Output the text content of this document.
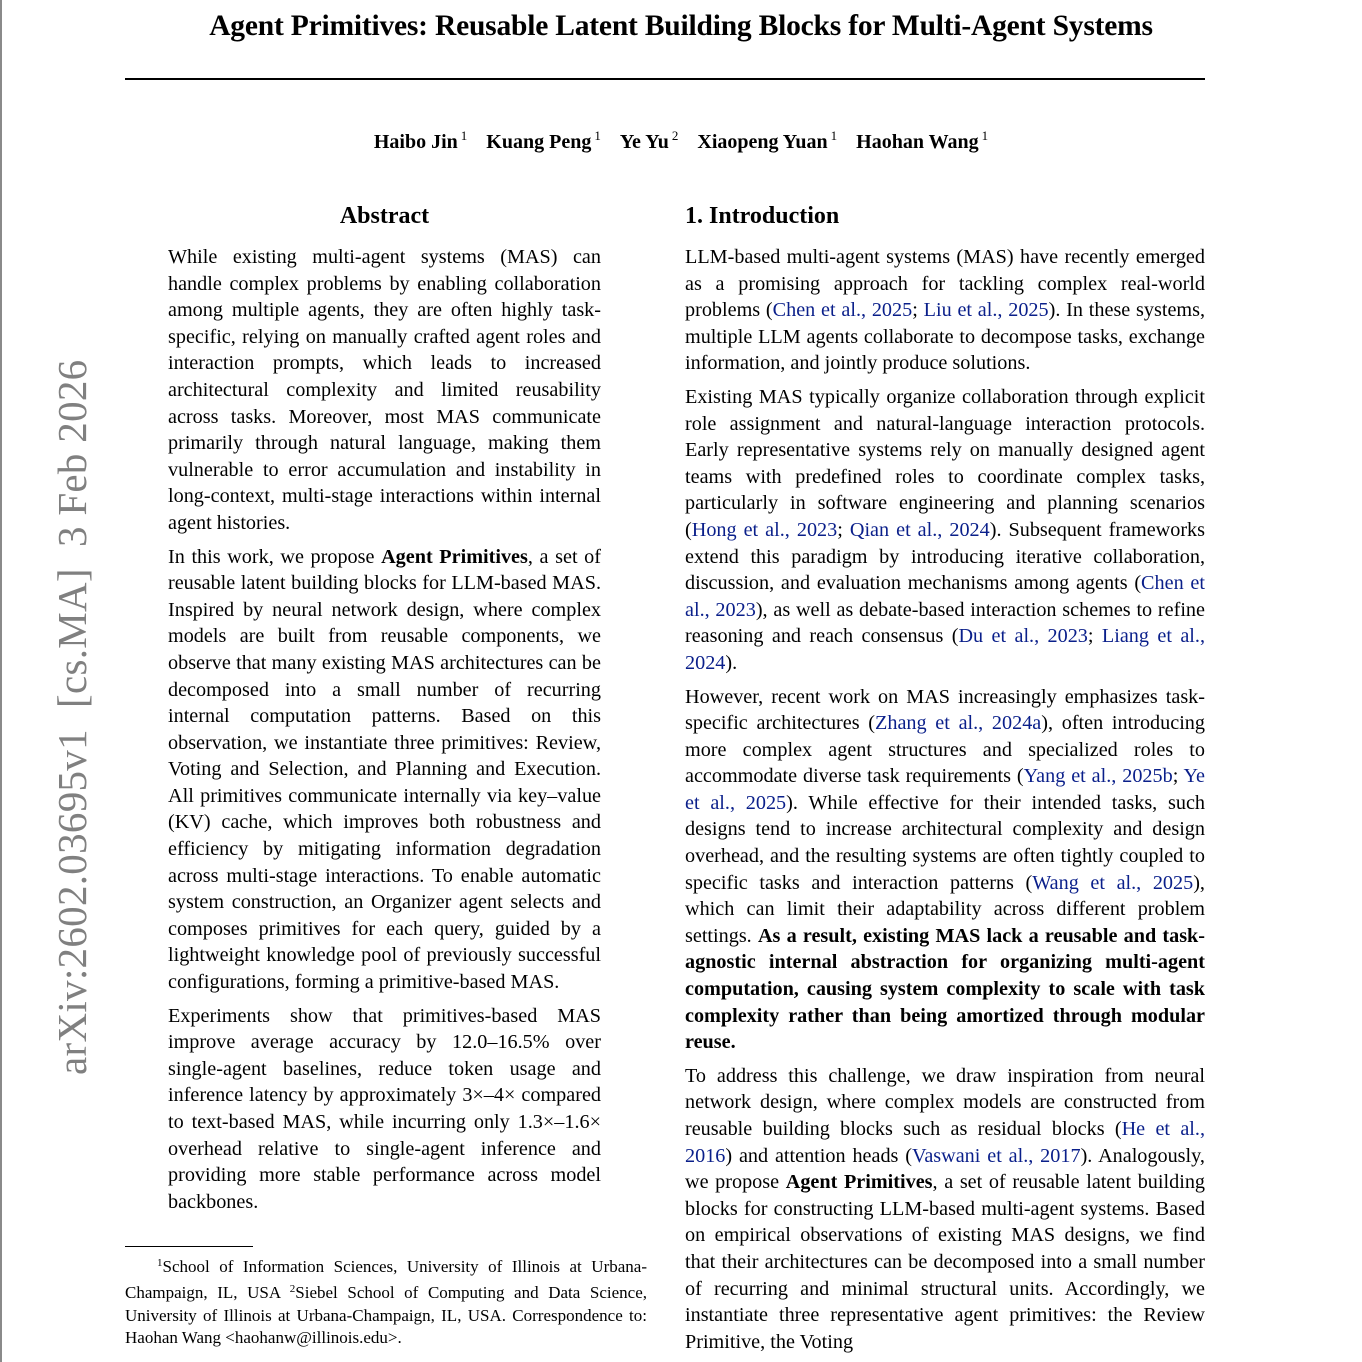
Agent Primitives: Reusable Latent Building Blocks for Multi-Agent Systems
Haibo Jin $^1$ Kuang Peng $^1$ Ye Yu $^2$ Xiaopeng Yuan $^1$ Haohan Wang $^1$
arXiv:2602.03695v1  [cs.MA]  3 Feb 2026
Abstract

While existing multi-agent systems (MAS) can handle complex problems by enabling collaboration among multiple agents, they are often highly task-specific, relying on manually crafted agent roles and interaction prompts, which leads to increased architectural complexity and limited reusability across tasks. Moreover, most MAS communicate primarily through natural language, making them vulnerable to error accumulation and instability in long-context, multi-stage interactions within internal agent histories.

In this work, we propose Agent Primitives, a set of reusable latent building blocks for LLM-based MAS. Inspired by neural network design, where complex models are built from reusable components, we observe that many existing MAS architectures can be decomposed into a small number of recurring internal computation patterns. Based on this observation, we instantiate three primitives: Review, Voting and Selection, and Planning and Execution. All primitives communicate internally via key–value (KV) cache, which improves both robustness and efficiency by mitigating information degradation across multi-stage interactions. To enable automatic system construction, an Organizer agent selects and composes primitives for each query, guided by a lightweight knowledge pool of previously successful configurations, forming a primitive-based MAS.

Experiments show that primitives-based MAS improve average accuracy by 12.0–16.5% over single-agent baselines, reduce token usage and inference latency by approximately 3×–4× compared to text-based MAS, while incurring only 1.3×–1.6× overhead relative to single-agent inference and providing more stable performance across model backbones.

$^1$School of Information Sciences, University of Illinois at Urbana-Champaign, IL, USA $^2$Siebel School of Computing and Data Science, University of Illinois at Urbana-Champaign, IL, USA. Correspondence to: Haohan Wang <haohanw@illinois.edu>.
1. Introduction

LLM-based multi-agent systems (MAS) have recently emerged as a promising approach for tackling complex real-world problems (Chen et al., 2025; Liu et al., 2025). In these systems, multiple LLM agents collaborate to decompose tasks, exchange information, and jointly produce solutions.

Existing MAS typically organize collaboration through explicit role assignment and natural-language interaction protocols. Early representative systems rely on manually designed agent teams with predefined roles to coordinate complex tasks, particularly in software engineering and planning scenarios (Hong et al., 2023; Qian et al., 2024). Subsequent frameworks extend this paradigm by introducing iterative collaboration, discussion, and evaluation mechanisms among agents (Chen et al., 2023), as well as debate-based interaction schemes to refine reasoning and reach consensus (Du et al., 2023; Liang et al., 2024).

However, recent work on MAS increasingly emphasizes task-specific architectures (Zhang et al., 2024a), often introducing more complex agent structures and specialized roles to accommodate diverse task requirements (Yang et al., 2025b; Ye et al., 2025). While effective for their intended tasks, such designs tend to increase architectural complexity and design overhead, and the resulting systems are often tightly coupled to specific tasks and interaction patterns (Wang et al., 2025), which can limit their adaptability across different problem settings. As a result, existing MAS lack a reusable and task-agnostic internal abstraction for organizing multi-agent computation, causing system complexity to scale with task complexity rather than being amortized through modular reuse.

To address this challenge, we draw inspiration from neural network design, where complex models are constructed from reusable building blocks such as residual blocks (He et al., 2016) and attention heads (Vaswani et al., 2017). Analogously, we propose Agent Primitives, a set of reusable latent building blocks for constructing LLM-based multi-agent systems. Based on empirical observations of existing MAS designs, we find that their architectures can be decomposed into a small number of recurring and minimal structural units. Accordingly, we instantiate three representative agent primitives: the Review Primitive, the Voting
